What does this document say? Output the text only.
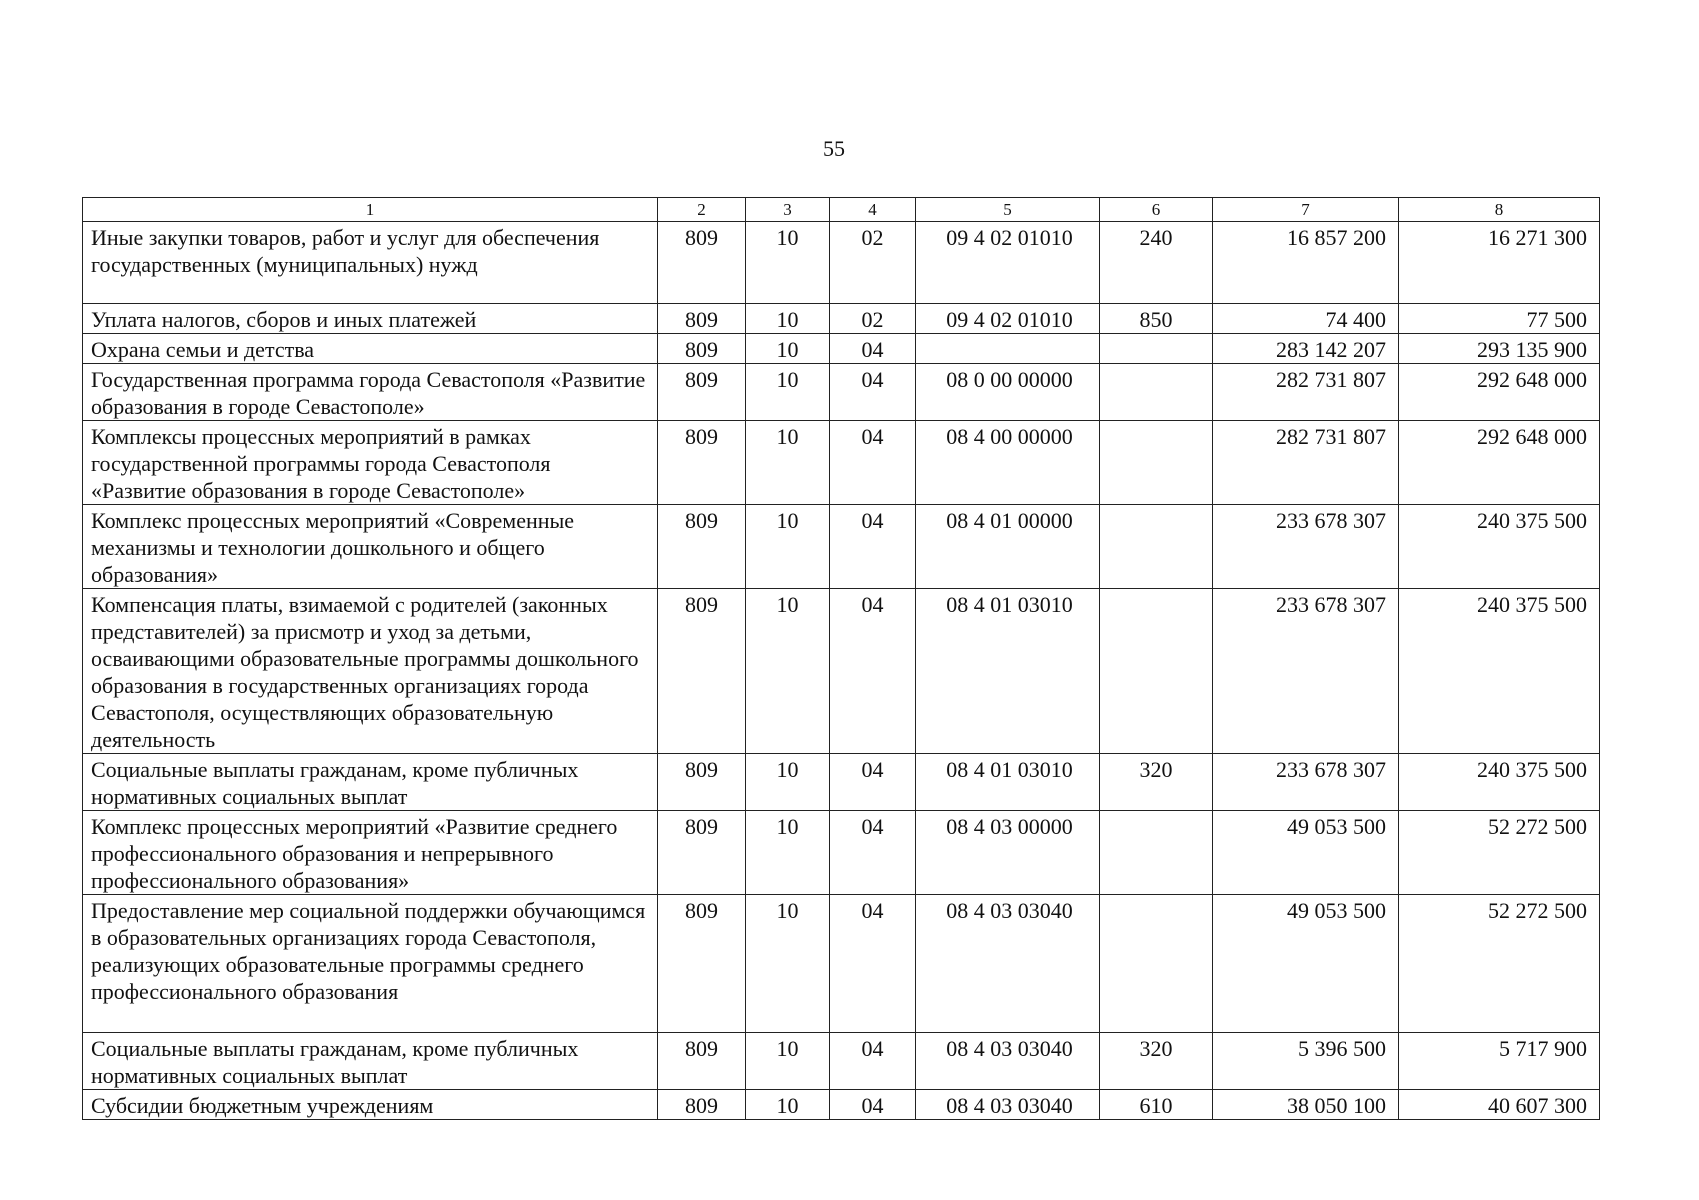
55
1	2	3	4	5	6	7	8
Иные закупки товаров, работ и услуг для обеспечения государственных (муниципальных) нужд	809	10	02	09 4 02 01010	240	16 857 200	16 271 300
Уплата налогов, сборов и иных платежей	809	10	02	09 4 02 01010	850	74 400	77 500
Охрана семьи и детства	809	10	04			283 142 207	293 135 900
Государственная программа города Севастополя «Развитие образования в городе Севастополе»	809	10	04	08 0 00 00000		282 731 807	292 648 000
Комплексы процессных мероприятий в рамках государственной программы города Севастополя «Развитие образования в городе Севастополе»	809	10	04	08 4 00 00000		282 731 807	292 648 000
Комплекс процессных мероприятий «Современные механизмы и технологии дошкольного и общего образования»	809	10	04	08 4 01 00000		233 678 307	240 375 500
Компенсация платы, взимаемой с родителей (законных представителей) за присмотр и уход за детьми, осваивающими образовательные программы дошкольного образования в государственных организациях города Севастополя, осуществляющих образовательную деятельность	809	10	04	08 4 01 03010		233 678 307	240 375 500
Социальные выплаты гражданам, кроме публичных нормативных социальных выплат	809	10	04	08 4 01 03010	320	233 678 307	240 375 500
Комплекс процессных мероприятий «Развитие среднего профессионального образования и непрерывного профессионального образования»	809	10	04	08 4 03 00000		49 053 500	52 272 500
Предоставление мер социальной поддержки обучающимся в образовательных организациях города Севастополя, реализующих образовательные программы среднего профессионального образования	809	10	04	08 4 03 03040		49 053 500	52 272 500
Социальные выплаты гражданам, кроме публичных нормативных социальных выплат	809	10	04	08 4 03 03040	320	5 396 500	5 717 900
Субсидии бюджетным учреждениям	809	10	04	08 4 03 03040	610	38 050 100	40 607 300
